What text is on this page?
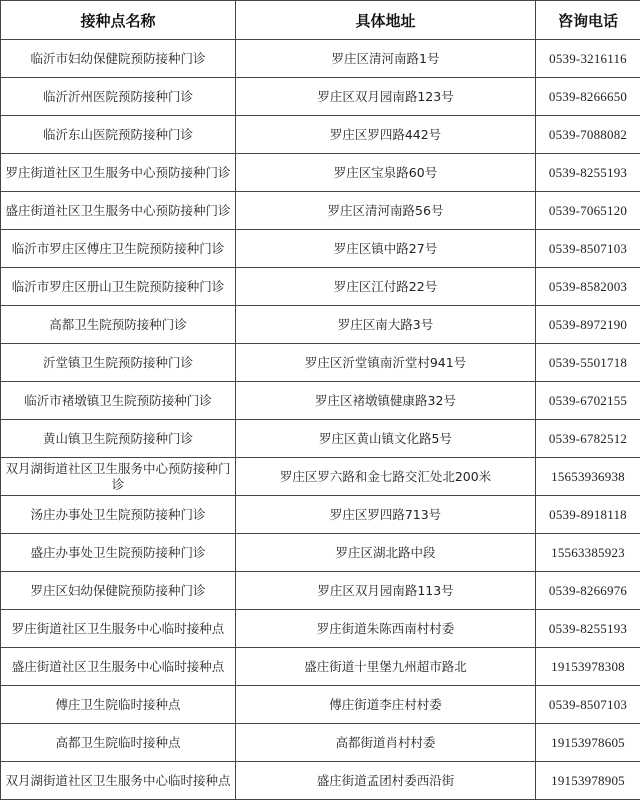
接种点名称	具体地址	咨询电话
临沂市妇幼保健院预防接种门诊	罗庄区清河南路1号	0539-3216116
临沂沂州医院预防接种门诊	罗庄区双月园南路123号	0539-8266650
临沂东山医院预防接种门诊	罗庄区罗四路442号	0539-7088082
罗庄街道社区卫生服务中心预防接种门诊	罗庄区宝泉路60号	0539-8255193
盛庄街道社区卫生服务中心预防接种门诊	罗庄区清河南路56号	0539-7065120
临沂市罗庄区傅庄卫生院预防接种门诊	罗庄区镇中路27号	0539-8507103
临沂市罗庄区册山卫生院预防接种门诊	罗庄区江付路22号	0539-8582003
高都卫生院预防接种门诊	罗庄区南大路3号	0539-8972190
沂堂镇卫生院预防接种门诊	罗庄区沂堂镇南沂堂村941号	0539-5501718
临沂市褚墩镇卫生院预防接种门诊	罗庄区褚墩镇健康路32号	0539-6702155
黄山镇卫生院预防接种门诊	罗庄区黄山镇文化路5号	0539-6782512
双月湖街道社区卫生服务中心预防接种门诊	罗庄区罗六路和金七路交汇处北200米	15653936938
汤庄办事处卫生院预防接种门诊	罗庄区罗四路713号	0539-8918118
盛庄办事处卫生院预防接种门诊	罗庄区湖北路中段	15563385923
罗庄区妇幼保健院预防接种门诊	罗庄区双月园南路113号	0539-8266976
罗庄街道社区卫生服务中心临时接种点	罗庄街道朱陈西南村村委	0539-8255193
盛庄街道社区卫生服务中心临时接种点	盛庄街道十里堡九州超市路北	19153978308
傅庄卫生院临时接种点	傅庄街道李庄村村委	0539-8507103
高都卫生院临时接种点	高都街道肖村村委	19153978605
双月湖街道社区卫生服务中心临时接种点	盛庄街道孟团村委西沿街	19153978905
